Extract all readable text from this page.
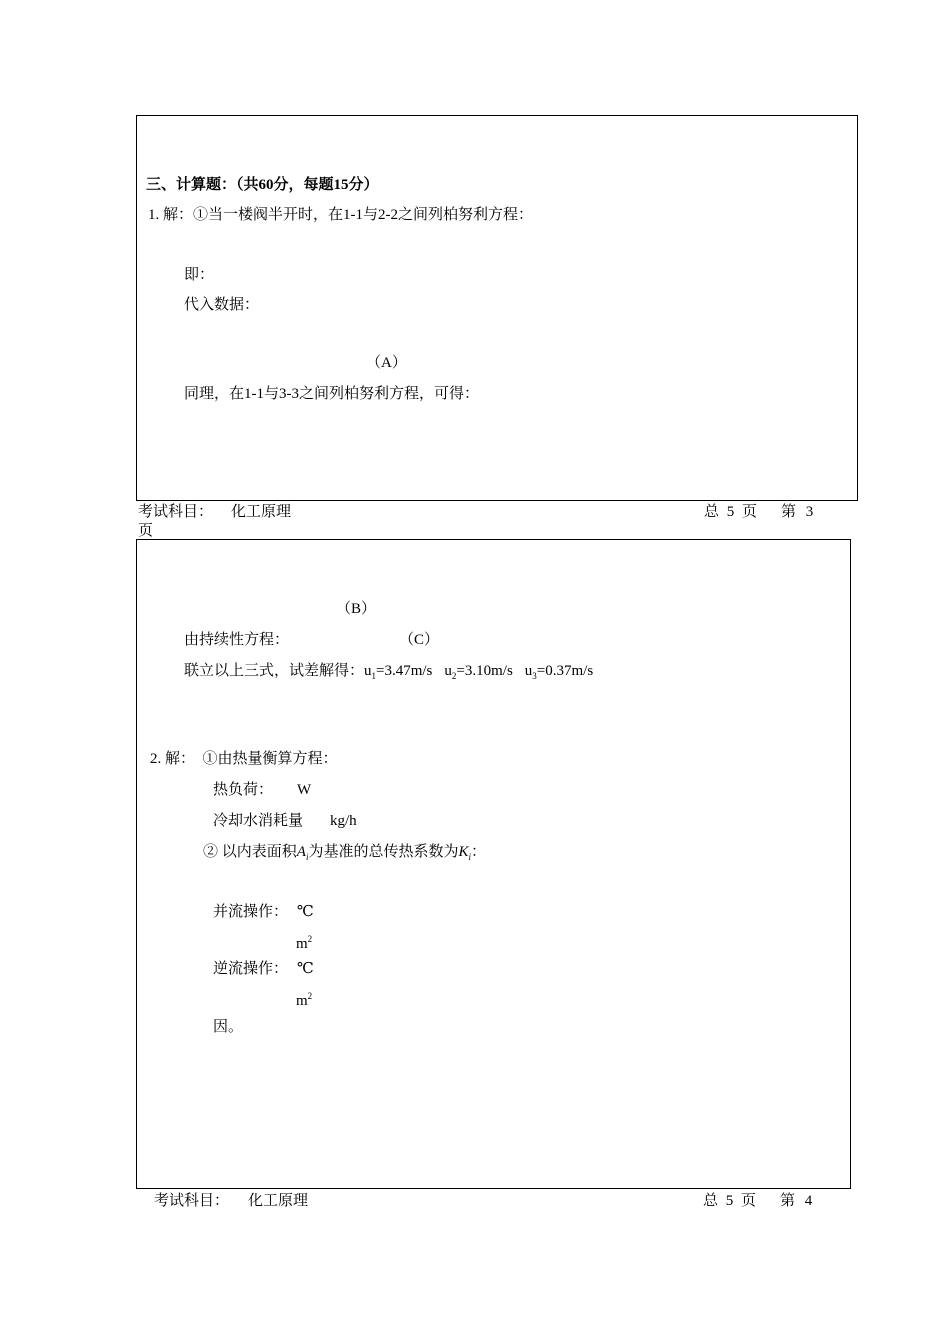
三、计算题：（共60分，每题15分）
1. 解：①当一楼阀半开时，在1-1与2-2之间列柏努利方程：
即：
代入数据：
（A）
同理，在1-1与3-3之间列柏努利方程，可得：
考试科目： 化工原理	总 5 页 第 3
页
（B）
由持续性方程：	（C）
联立以上三式，试差解得：$u_1=3.47m/s$ $u_2=3.10m/s$ $u_3=0.37m/s$
2. 解：  ①由热量衡算方程：
热负荷： W
冷却水消耗量 kg/h
② 以内表面积$A_i$为基准的总传热系数为$K_i$：
并流操作： ℃
$m^2$
逆流操作： ℃
$m^2$
因。
考试科目： 化工原理	总 5 页 第 4
